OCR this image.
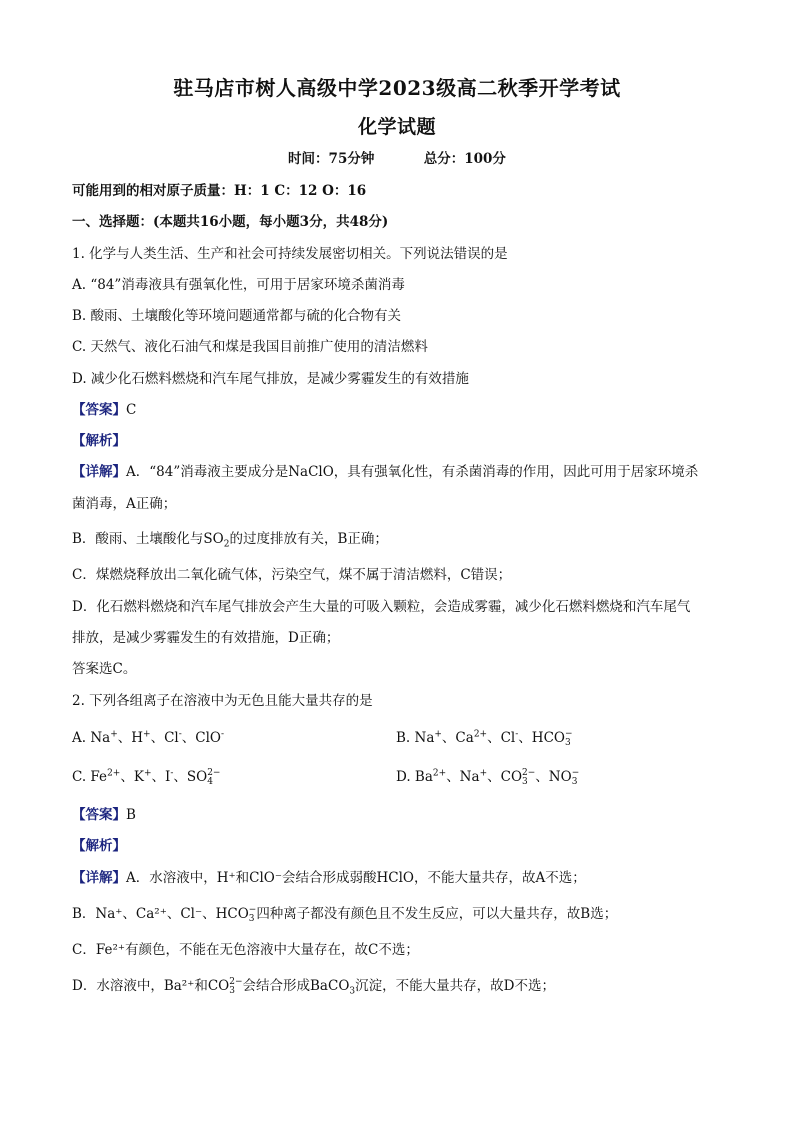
驻马店市树人高级中学2023级高二秋季开学考试
化学试题
时间：75分钟	总分：100分
可能用到的相对原子质量：H：1 C：12 O：16
一、选择题：(本题共16小题，每小题3分，共48分)
1. 化学与人类生活、生产和社会可持续发展密切相关。下列说法错误的是
A. “84”消毒液具有强氧化性，可用于居家环境杀菌消毒
B. 酸雨、土壤酸化等环境问题通常都与硫的化合物有关
C. 天然气、液化石油气和煤是我国目前推广使用的清洁燃料
D. 减少化石燃料燃烧和汽车尾气排放，是减少雾霾发生的有效措施
【答案】C
【解析】
【详解】A．“84”消毒液主要成分是NaClO，具有强氧化性，有杀菌消毒的作用，因此可用于居家环境杀
菌消毒，A正确；
B．酸雨、土壤酸化与$SO_2$的过度排放有关，B正确；
C．煤燃烧释放出二氧化硫气体，污染空气，煤不属于清洁燃料，C错误；
D．化石燃料燃烧和汽车尾气排放会产生大量的可吸入颗粒，会造成雾霾，减少化石燃料燃烧和汽车尾气
排放，是减少雾霾发生的有效措施，D正确；
答案选C。
2. 下列各组离子在溶液中为无色且能大量共存的是
A. Na+、H+、Cl-、ClO-	B. Na+、$Ca^{2+}$、Cl-、HCO −
3
C. $Fe^{2+}$、K+、I-、SO 2−
4	D. $Ba^{2+}$、Na+、CO 2−
3 、NO −
3
【答案】B
【解析】
【详解】A．水溶液中，H⁺和ClO⁻会结合形成弱酸HClO，不能大量共存，故A不选；
B．Na⁺、Ca²⁺、Cl⁻、HCO −
3 四种离子都没有颜色且不发生反应，可以大量共存，故B选；
C．Fe²⁺有颜色，不能在无色溶液中大量存在，故C不选；
D．水溶液中，Ba²⁺和CO 2−
3 会结合形成BaCO$_3$沉淀，不能大量共存，故D不选；
